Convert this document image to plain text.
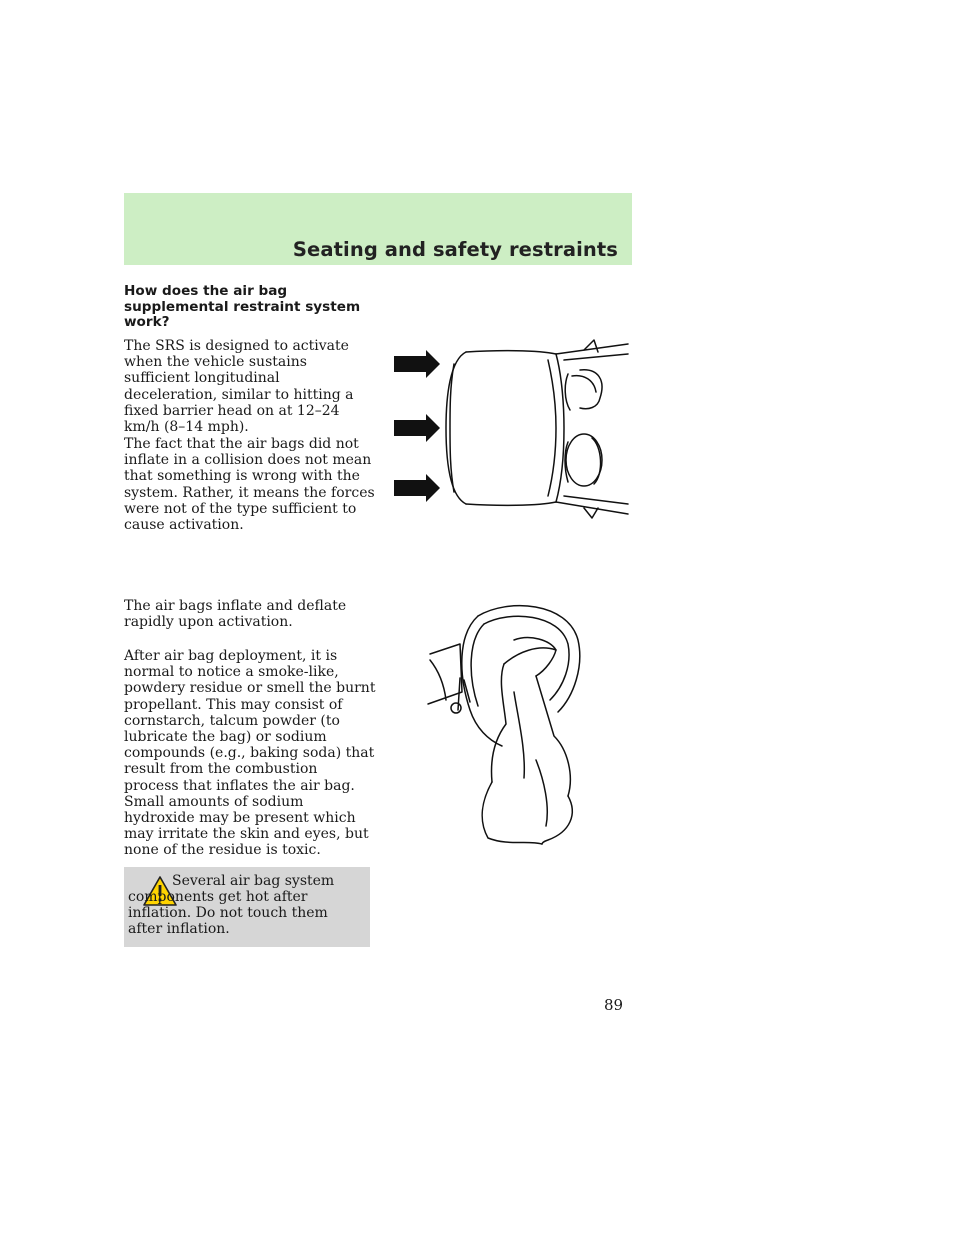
Seating and safety restraints
How does the air bag supplemental restraint system work?
The SRS is designed to activate when the vehicle sustains sufficient longitudinal deceleration, similar to hitting a fixed barrier head on at 12–24 km/h (8–14 mph).
The fact that the air bags did not inflate in a collision does not mean that something is wrong with the system. Rather, it means the forces were not of the type sufficient to cause activation.
The air bags inflate and deflate rapidly upon activation.
After air bag deployment, it is normal to notice a smoke-like, powdery residue or smell the burnt propellant. This may consist of cornstarch, talcum powder (to lubricate the bag) or sodium compounds (e.g., baking soda) that result from the combustion process that inflates the air bag. Small amounts of sodium hydroxide may be present which may irritate the skin and eyes, but none of the residue is toxic.
Several air bag system components get hot after inflation. Do not touch them after inflation.
89
